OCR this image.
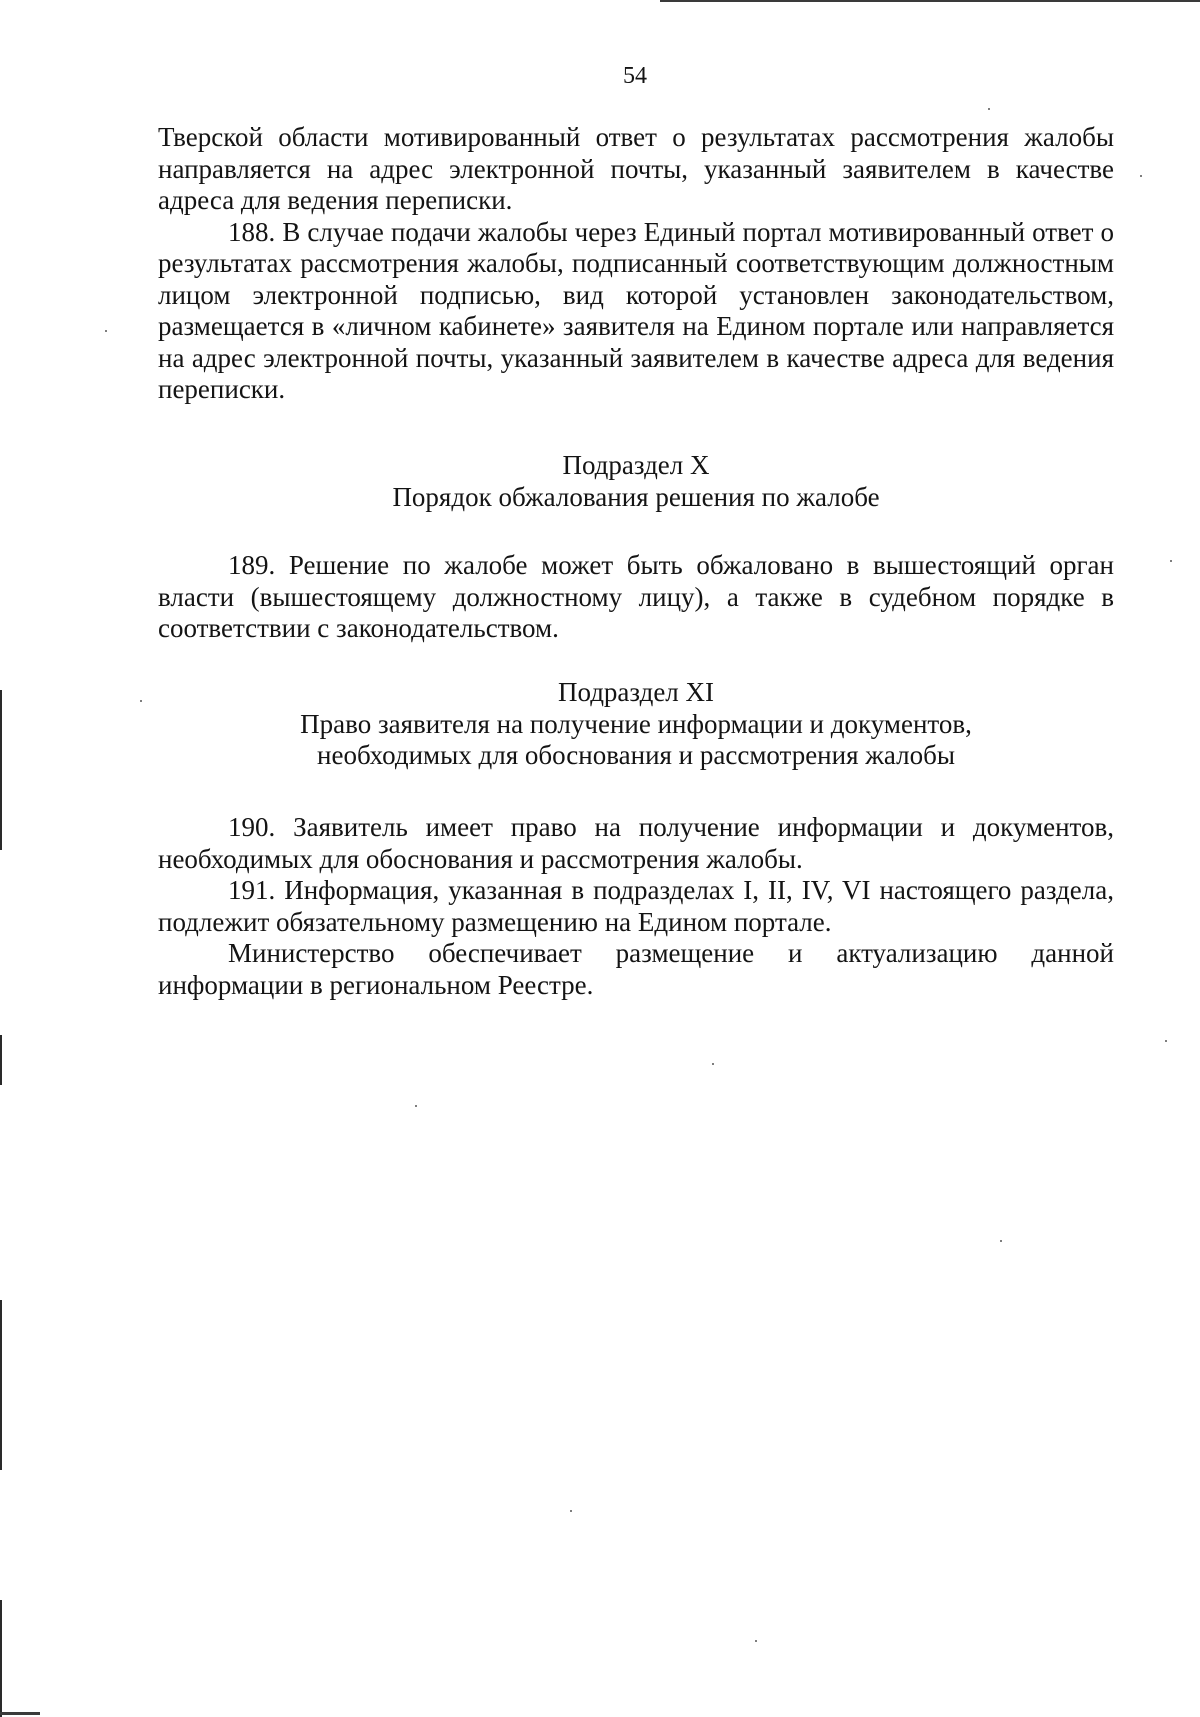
54

Тверской области мотивированный ответ о результатах рассмотрения жалобы направляется на адрес электронной почты, указанный заявителем в качестве адреса для ведения переписки.

188. В случае подачи жалобы через Единый портал мотивированный ответ о результатах рассмотрения жалобы, подписанный соответствующим должностным лицом электронной подписью, вид которой установлен законодательством, размещается в «личном кабинете» заявителя на Едином портале или направляется на адрес электронной почты, указанный заявителем в качестве адреса для ведения переписки.

Подраздел X

Порядок обжалования решения по жалобе

189. Решение по жалобе может быть обжаловано в вышестоящий орган власти (вышестоящему должностному лицу), а также в судебном порядке в соответствии с законодательством.

Подраздел XI

Право заявителя на получение информации и документов,

необходимых для обоснования и рассмотрения жалобы

190. Заявитель имеет право на получение информации и документов, необходимых для обоснования и рассмотрения жалобы.

191. Информация, указанная в подразделах I, II, IV, VI настоящего раздела, подлежит обязательному размещению на Едином портале.

Министерство обеспечивает размещение и актуализацию данной информации в региональном Реестре.
